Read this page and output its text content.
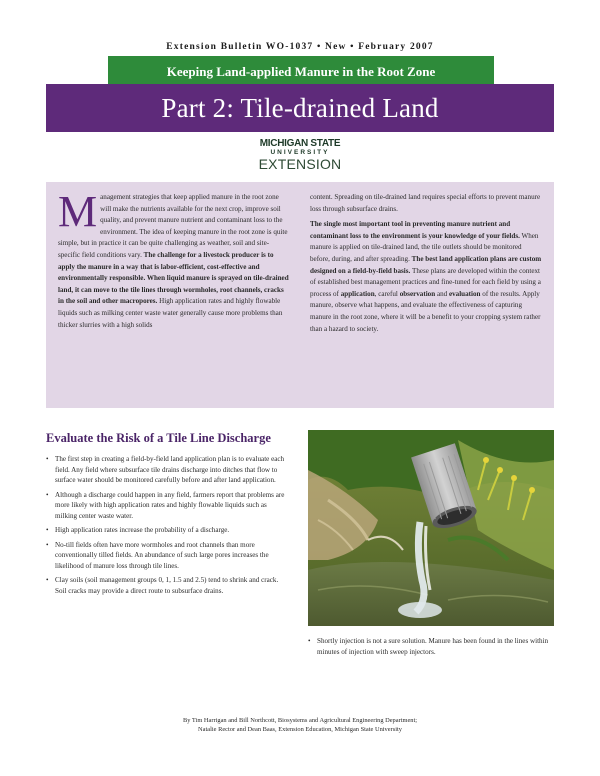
Extension Bulletin WO-1037 • New • February 2007
Keeping Land-applied Manure in the Root Zone
Part 2: Tile-drained Land
MICHIGAN STATE
UNIVERSITY
EXTENSION

M anagement strategies that keep applied manure in the root zone will make the nutrients available for the next crop, improve soil quality, and prevent manure nutrient and contaminant loss to the environment. The idea of keeping manure in the root zone is quite simple, but in practice it can be quite challenging as weather, soil and site-specific field conditions vary. The challenge for a livestock producer is to apply the manure in a way that is labor-efficient, cost-effective and environmentally responsible. When liquid manure is sprayed on tile-drained land, it can move to the tile lines through wormholes, root channels, cracks in the soil and other macropores. High application rates and highly flowable liquids such as milking center waste water generally cause more problems than thicker slurries with a high solids

content. Spreading on tile-drained land requires special efforts to prevent manure loss through subsurface drains.

The single most important tool in preventing manure nutrient and contaminant loss to the environment is your knowledge of your fields. When manure is applied on tile-drained land, the tile outlets should be monitored before, during, and after spreading. The best land application plans are custom designed on a field-by-field basis. These plans are developed within the context of established best management practices and fine-tuned for each field by using a process of application, careful observation and evaluation of the results. Apply manure, observe what happens, and evaluate the effectiveness of capturing manure in the root zone, where it will be a benefit to your cropping system rather than a hazard to society.

Evaluate the Risk of a Tile Line Discharge
• The first step in creating a field-by-field land application plan is to evaluate each field. Any field where subsurface tile drains discharge into ditches that flow to surface water should be monitored carefully before and after land application.
• Although a discharge could happen in any field, farmers report that problems are more likely with high application rates and highly flowable liquids such as milking center waste water.
• High application rates increase the probability of a discharge.
• No-till fields often have more wormholes and root channels than more conventionally tilled fields. An abundance of such large pores increases the likelihood of manure loss through tile lines.
• Clay soils (soil management groups 0, 1, 1.5 and 2.5) tend to shrink and crack. Soil cracks may provide a direct route to subsurface drains.
• Shortly injection is not a sure solution. Manure has been found in the lines within minutes of injection with sweep injectors.
By Tim Harrigan and Bill Northcott, Biosystems and Agricultural Engineering Department;
Natalie Rector and Dean Baas, Extension Education, Michigan State University
